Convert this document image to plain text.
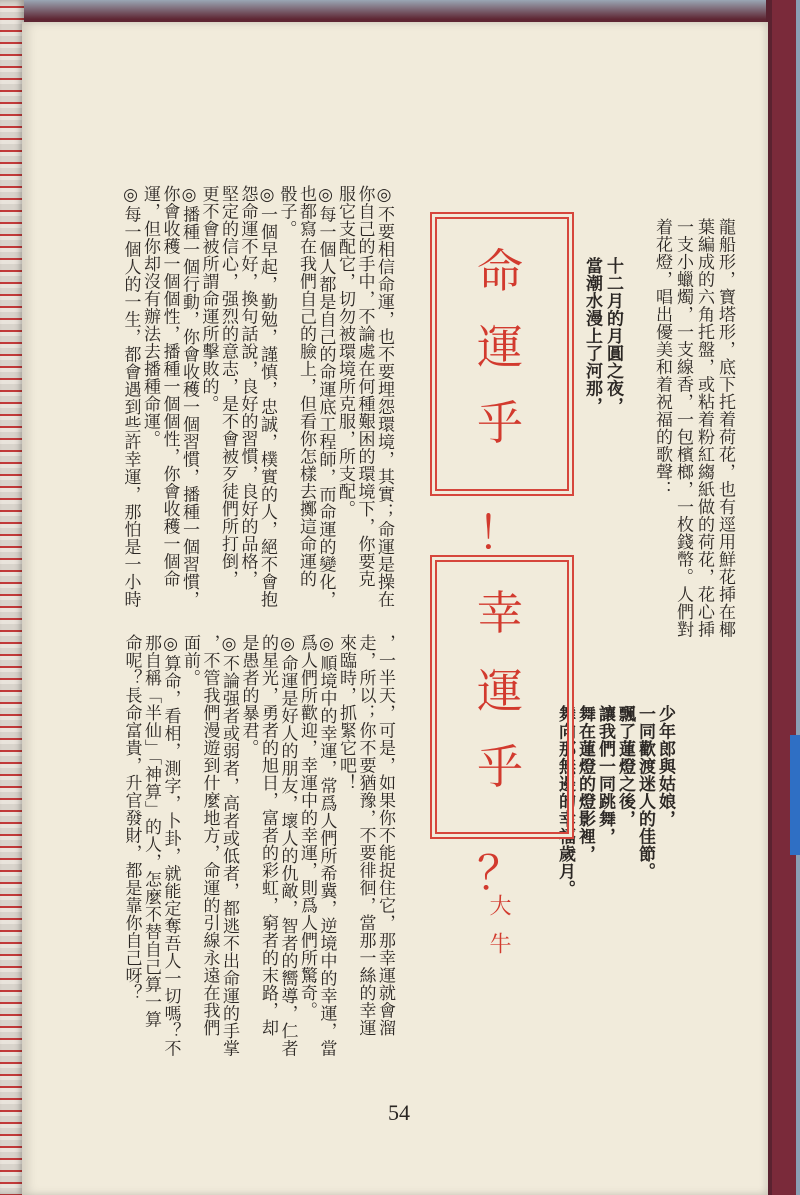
龍船形，寶塔形，底下托着荷花，也有逕用鮮花揷在椰
葉編成的六角托盤，或粘着粉紅縐紙做的荷花，花心揷
一支小蠟燭，一支線香，一包檳榔，一枚錢幣。人們對
着花燈，唱出優美和着祝福的歌聲：
十二月的月圓之夜，
當潮水漫上了河那，
少年郎與姑娘，
一同歡渡迷人的佳節。
飄了蓮燈之後，
讓我們一同跳舞，
舞在蓮燈的燈影裡，
舞向那無邊的幸福歲月。
命
運
乎
！
幸
運
乎
？
大牛
◎不要相信命運，也不要埋怨環境，其實；命運是操在
你自己的手中，不論處在何種艱困的環境下，你要克
服它支配它，切勿被環境所克服，所支配。
◎每一個人都是自己的命運底工程師，而命運的變化，
也都寫在我們自己的臉上，但看你怎樣去擲這命運的
骰子。
◎一個早起，勤勉，謹慎，忠誠，樸實的人，絕不會抱
怨命運不好，換句話說，良好的習慣，良好的品格，
堅定的信心，强烈的意志，是不會被歹徒們所打倒，
更不會被所謂命運所擊敗的。
◎播種一個行動，你會收穫一個習慣，播種一個習慣，
你會收穫一個個性，播種一個個性，你會收穫一個命
運，但你却沒有辦法去播種命運。
◎每一個人的一生，都會遇到些許幸運，那怕是一小時
，一半天，可是，如果你不能捉住它，那幸運就會溜
走，所以；你不要猶豫，不要徘徊，當那一絲的幸運
來臨時，抓緊它吧！
◎順境中的幸運，常爲人們所希冀，逆境中的幸運，當
爲人們所歡迎，幸運中的幸運，則爲人們所驚奇。
◎命運是好人的朋友，壞人的仇敵，智者的嚮導，仁者
的星光，勇者的旭日，富者的彩虹，窮者的末路，却
是愚者的暴君。
◎不論强者或弱者，高者或低者，都逃不出命運的手掌
，不管我們漫遊到什麼地方，命運的引線永遠在我們
面前。
◎算命，看相，測字，卜卦，就能定奪吾人一切嗎？不
那自稱「半仙」「神算」的人，怎麼不替自己算一算
命呢？長命富貴，升官發財，都是靠你自己呀？
54
